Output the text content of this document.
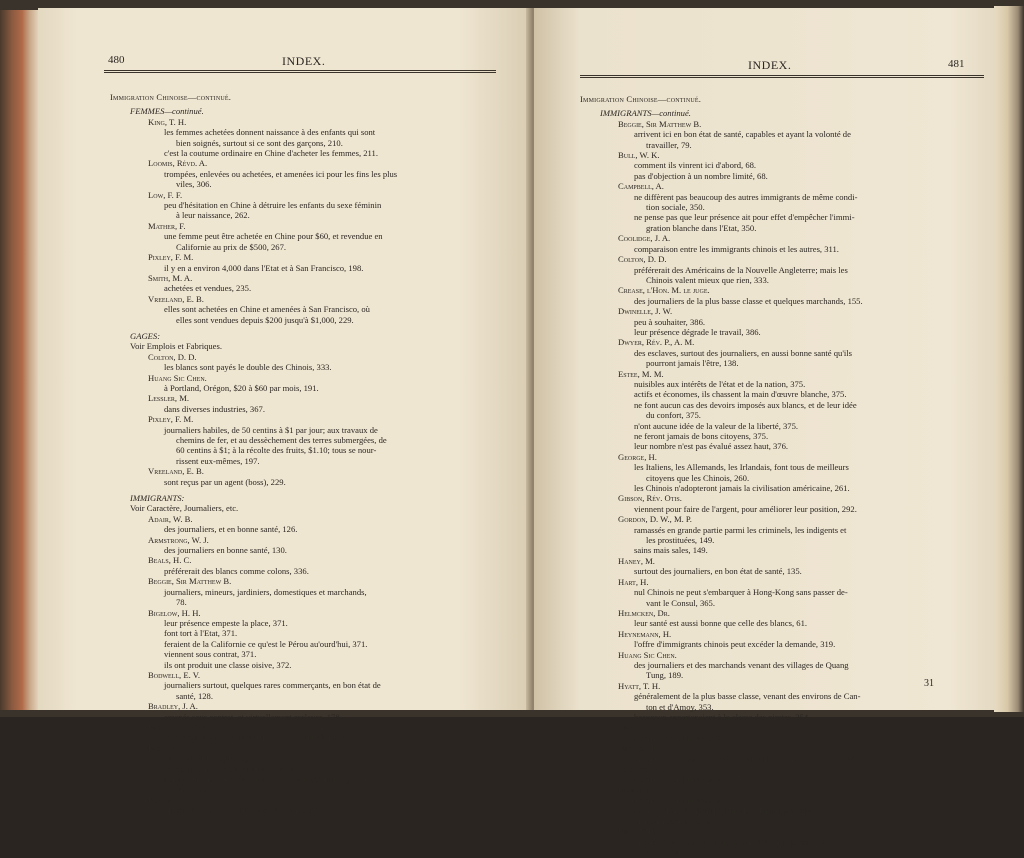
480	INDEX.
Immigration Chinoise—continué.
FEMMES—continué.
King, T. H.
les femmes achetées donnent naissance à des enfants qui sont
bien soignés, surtout si ce sont des garçons, 210.
c'est la coutume ordinaire en Chine d'acheter les femmes, 211.
Loomis, Révd. A.
trompées, enlevées ou achetées, et amenées ici pour les fins les plus
viles, 306.
Low, F. F.
peu d'hésitation en Chine à détruire les enfants du sexe féminin
à leur naissance, 262.
Mather, F.
une femme peut être achetée en Chine pour $60, et revendue en
Californie au prix de $500, 267.
Pixley, F. M.
il y en a environ 4,000 dans l'Etat et à San Francisco, 198.
Smith, M. A.
achetées et vendues, 235.
Vreeland, E. B.
elles sont achetées en Chine et amenées à San Francisco, où
elles sont vendues depuis $200 jusqu'à $1,000, 229.
GAGES:
Voir Emplois et Fabriques.
Colton, D. D.
les blancs sont payés le double des Chinois, 333.
Huang Sic Chen.
à Portland, Orégon, $20 à $60 par mois, 191.
Lessler, M.
dans diverses industries, 367.
Pixley, F. M.
journaliers habiles, de 50 centins à $1 par jour; aux travaux de
chemins de fer, et au dessèchement des terres submergées, de
60 centins à $1; à la récolte des fruits, $1.10; tous se nour-
rissent eux-mêmes, 197.
Vreeland, E. B.
sont reçus par un agent (boss), 229.
IMMIGRANTS:
Voir Caractère, Journaliers, etc.
Adair, W. B.
des journaliers, et en bonne santé, 126.
Armstrong, W. J.
des journaliers en bonne santé, 130.
Beals, H. C.
préférerait des blancs comme colons, 336.
Beggie, Sir Matthew B.
journaliers, mineurs, jardiniers, domestiques et marchands,
78.
Bigelow, H. H.
leur présence empeste la place, 371.
font tort à l'Etat, 371.
feraient de la Californie ce qu'est le Pérou au'ourd'hui, 371.
viennent sous contrat, 371.
ils ont produit une classe oisive, 372.
Bodwell, E. V.
journaliers surtout, quelques rares commerçants, en bon état de
santé, 128.
Bradley, J. A.
amenés sous contrat, et virtuellement esclaves, 178.
Brier, Rév. W. W.
comparaison entre ceux de l'Europe et de la Chine, 330.
Brooks, C. W.
viennent de Hong-Kong, 32.
viennent afin d'améliorer leur position, 32.
s'en retournent après cinq ans, pour rester en Chine, générale-
ment, 32.
Bryden, J.
principalement des journaliers en bonne santé, 124.
INDEX.	481
Immigration Chinoise—continué.
IMMIGRANTS—continué.
Beggie, Sir Matthew B.
arrivent ici en bon état de santé, capables et ayant la volonté de
travailler, 79.
Bull, W. K.
comment ils vinrent ici d'abord, 68.
pas d'objection à un nombre limité, 68.
Campbell, A.
ne diffèrent pas beaucoup des autres immigrants de même condi-
tion sociale, 350.
ne pense pas que leur présence ait pour effet d'empêcher l'immi-
gration blanche dans l'Etat, 350.
Coolidge, J. A.
comparaison entre les immigrants chinois et les autres, 311.
Colton, D. D.
préférerait des Américains de la Nouvelle Angleterre; mais les
Chinois valent mieux que rien, 333.
Crease, l'Hon. M. le juge.
des journaliers de la plus basse classe et quelques marchands, 155.
Dwinelle, J. W.
peu à souhaiter, 386.
leur présence dégrade le travail, 386.
Dwyer, Rév. P., A. M.
des esclaves, surtout des journaliers, en aussi bonne santé qu'ils
pourront jamais l'être, 138.
Estee, M. M.
nuisibles aux intérêts de l'état et de la nation, 375.
actifs et économes, ils chassent la main d'œuvre blanche, 375.
ne font aucun cas des devoirs imposés aux blancs, et de leur idée
du confort, 375.
n'ont aucune idée de la valeur de la liberté, 375.
ne feront jamais de bons citoyens, 375.
leur nombre n'est pas évalué assez haut, 376.
George, H.
les Italiens, les Allemands, les Irlandais, font tous de meilleurs
citoyens que les Chinois, 260.
les Chinois n'adopteront jamais la civilisation américaine, 261.
Gibson, Rév. Otis.
viennent pour faire de l'argent, pour améliorer leur position, 292.
Gordon, D. W., M. P.
ramassés en grande partie parmi les criminels, les indigents et
les prostituées, 149.
sains mais sales, 149.
Haney, M.
surtout des journaliers, en bon état de santé, 135.
Hart, H.
nul Chinois ne peut s'embarquer à Hong-Kong sans passer de-
vant le Consul, 365.
Helmcken, Dr.
leur santé est aussi bonne que celle des blancs, 61.
Heynemann, H.
l'offre d'immigrants chinois peut excéder la demande, 319.
Huang Sic Chen.
des journaliers et des marchands venant des villages de Quang
Tung, 189.
Hyatt, T. H.
généralement de la plus basse classe, venant des environs de Can-
ton et d'Amoy, 353.
beaucoup appartenaient à la classe des pirates, 354.
Innes, J. W.
journaliers en bonne santé, 113.
Jackson, T. W.
presque tous ceux qui sont en Californie viennent de Canton, 390.
Johnston, M.
journaliers en bonne santé, 125.
Kennedy, J. B.
journaliers en bonne santé, 117.
ils empêchent les familles blanches d'immigrer, 118.
on n'en a aucun besoin, 118.
King, T. H.
presque tous ceux qui viennent en Californie paraissent être
sous contrat, 206.
31
